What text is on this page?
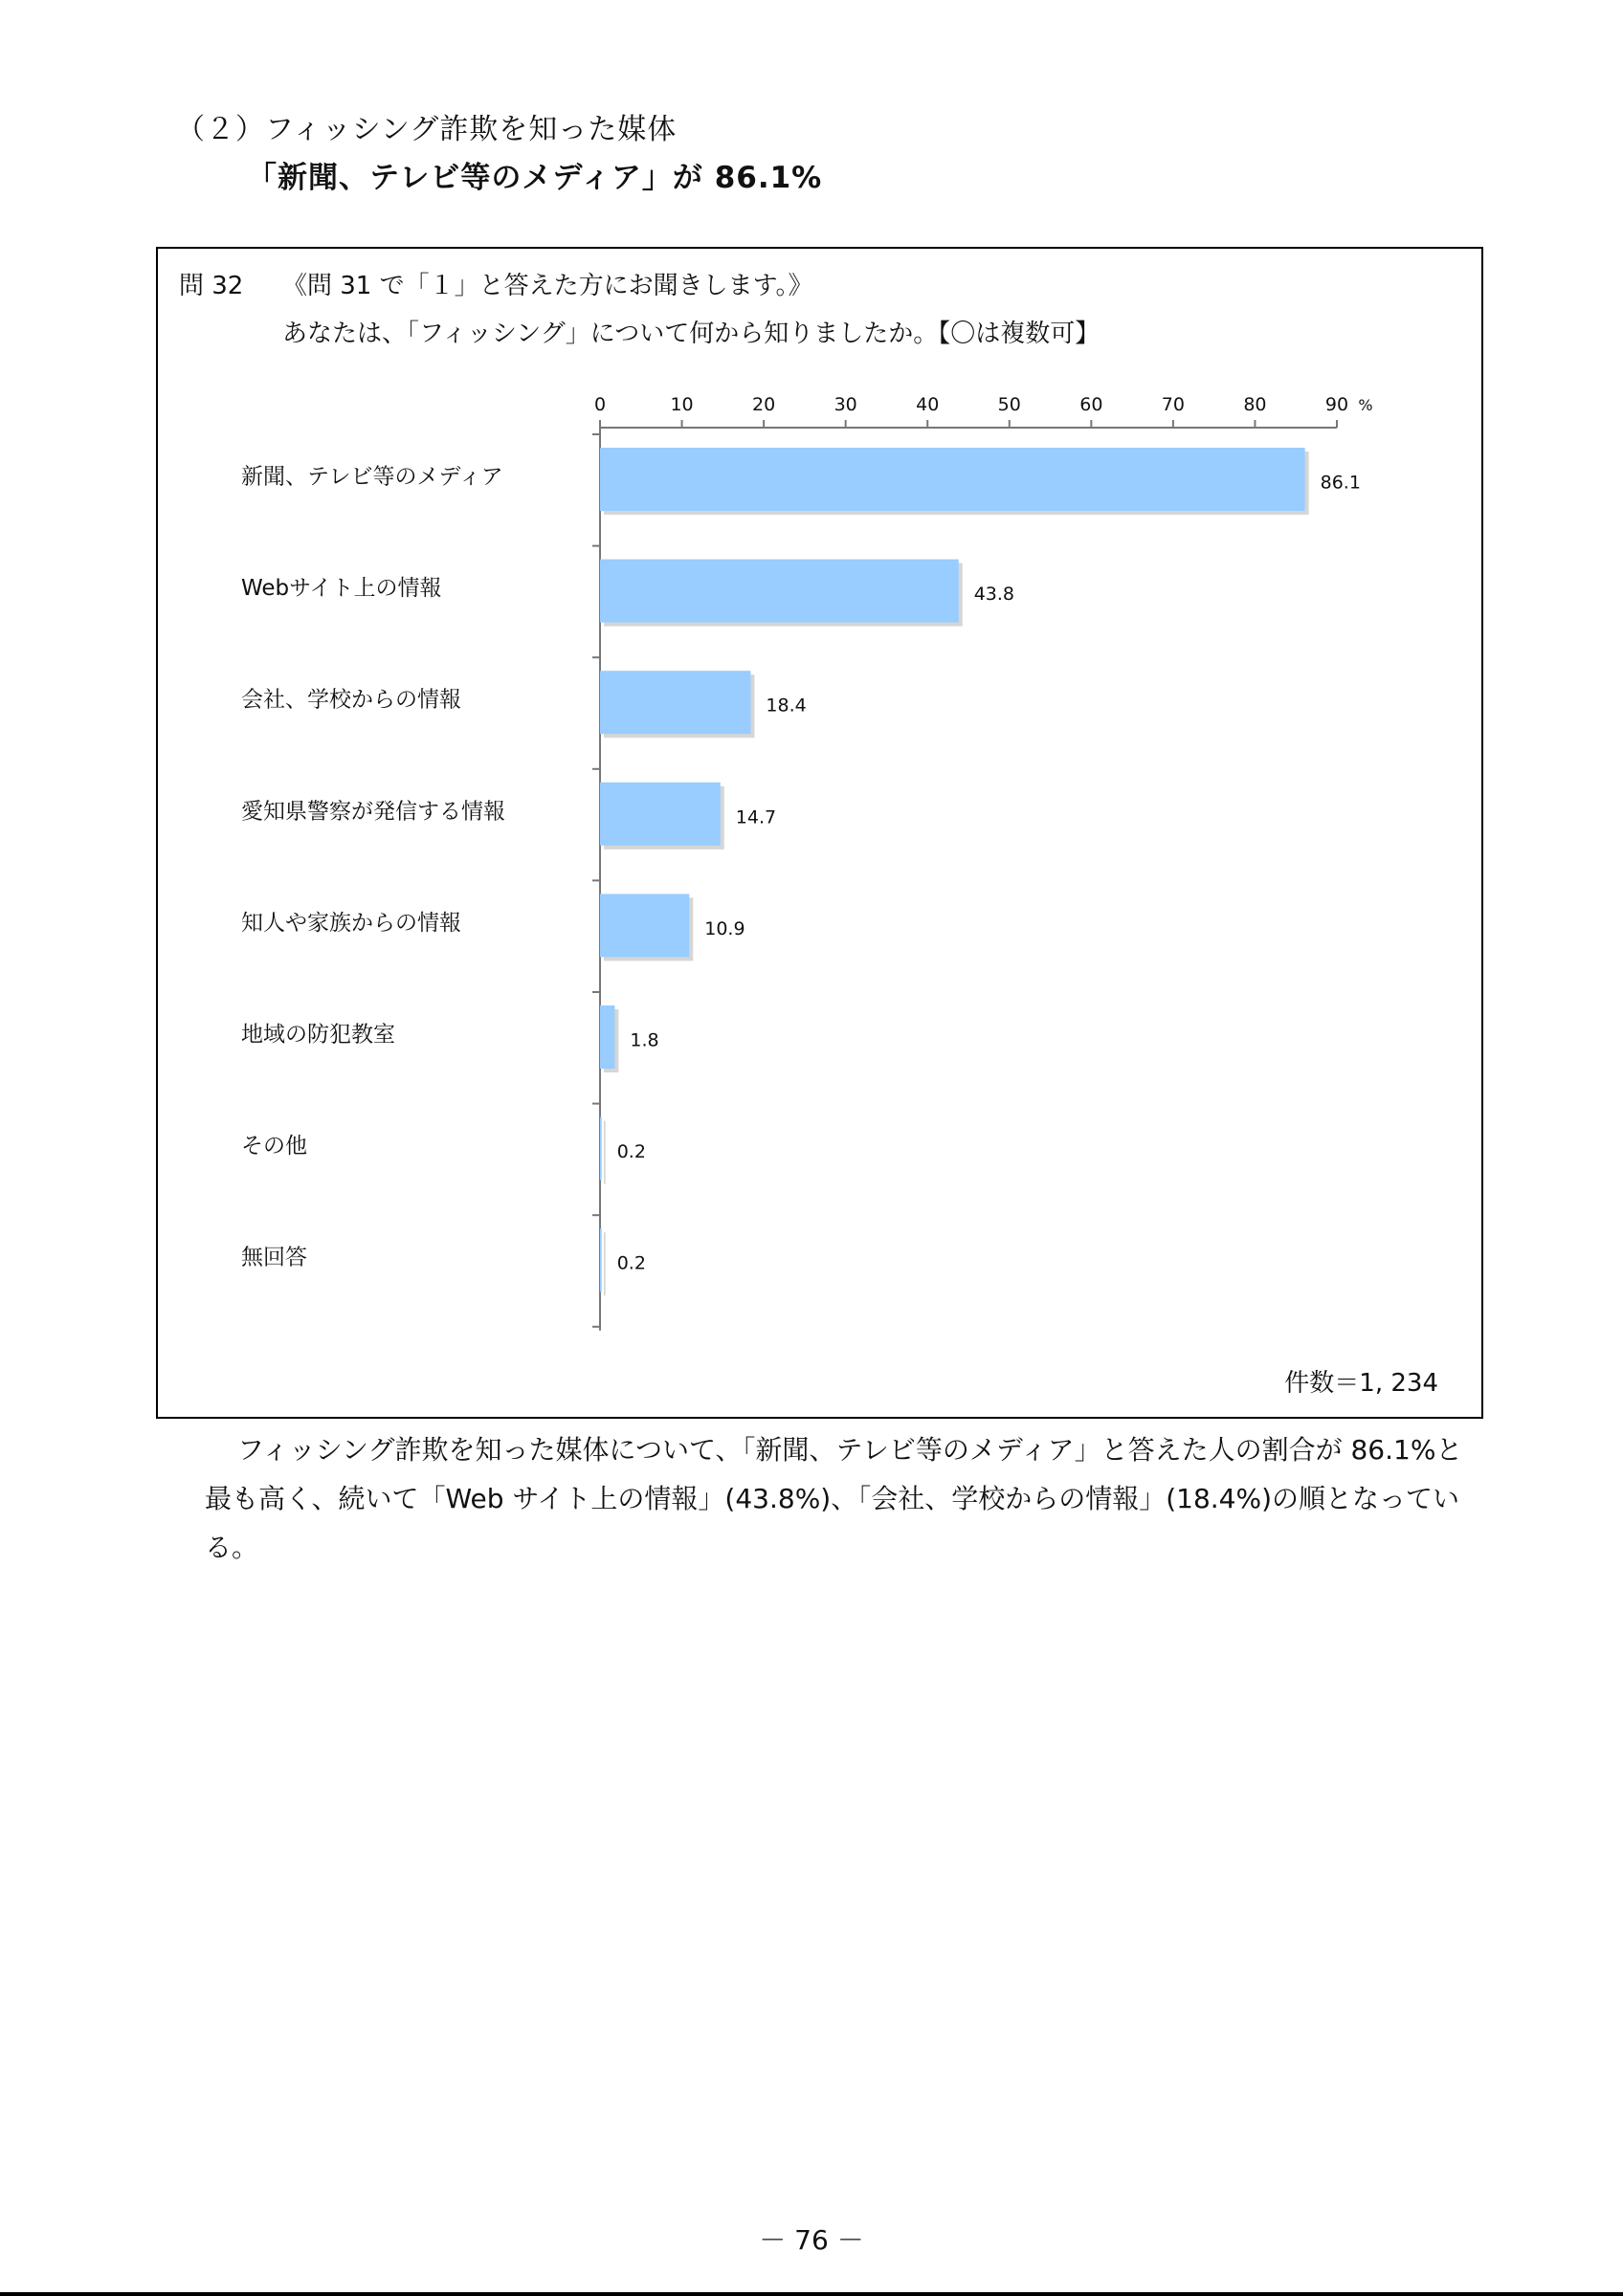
（２）フィッシング詐欺を知った媒体
「新聞、テレビ等のメディア」が 86.1%
問 32 《問 31 で「１」と答えた方にお聞きします。》
あなたは、「フィッシング」について何から知りましたか。【〇は複数可】
0	10	20	30	40	50	60	70	80	90 %
新聞、テレビ等のメディア	86.1
Webサイト上の情報	43.8
会社、学校からの情報	18.4
愛知県警察が発信する情報	14.7
知人や家族からの情報	10.9
地域の防犯教室	1.8
その他	0.2
無回答	0.2
件数＝1, 234
フィッシング詐欺を知った媒体について、「新聞、テレビ等のメディア」と答えた人の割合が 86.1%と最も高く、続いて「Web サイト上の情報」(43.8%)、「会社、学校からの情報」(18.4%)の順となっている。
－ 76 －
